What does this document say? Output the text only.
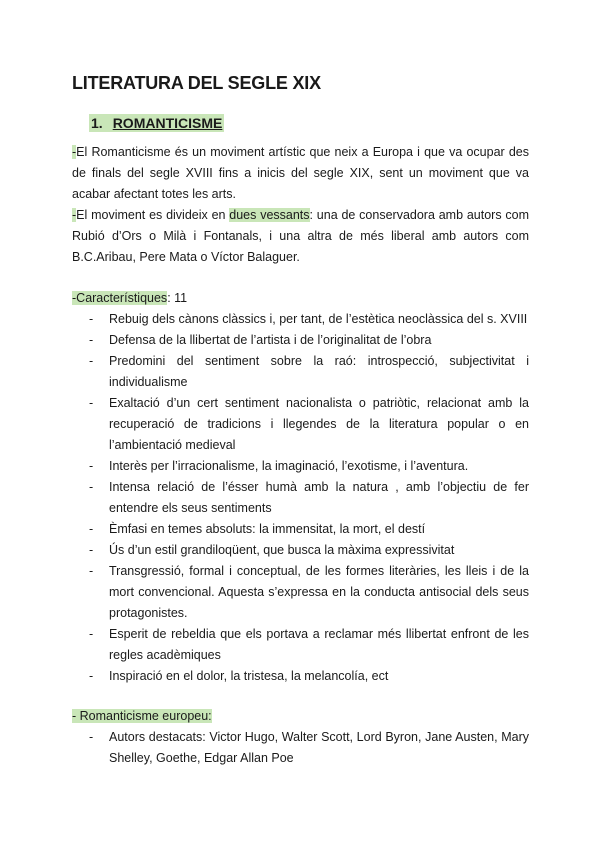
LITERATURA DEL SEGLE XIX
1. ROMANTICISME

-El Romanticisme és un moviment artístic que neix a Europa i que va ocupar des de finals del segle XVIII fins a inicis del segle XIX, sent un moviment que va acabar afectant totes les arts.

-El moviment es divideix en dues vessants: una de conservadora amb autors com Rubió d’Ors o Milà i Fontanals, i una altra de més liberal amb autors com B.C.Aribau, Pere Mata o Víctor Balaguer.

-Característiques: 11
- Rebuig dels cànons clàssics i, per tant, de l’estètica neoclàssica del s. XVIII
- Defensa de la llibertat de l’artista i de l’originalitat de l’obra
- Predomini del sentiment sobre la raó: introspecció, subjectivitat i individualisme
- Exaltació d’un cert sentiment nacionalista o patriòtic, relacionat amb la recuperació de tradicions i llegendes de la literatura popular o en l’ambientació medieval
- Interès per l’irracionalisme, la imaginació, l’exotisme, i l’aventura.
- Intensa relació de l’ésser humà amb la natura , amb l’objectiu de fer entendre els seus sentiments
- Èmfasi en temes absoluts: la immensitat, la mort, el destí
- Ús d’un estil grandiloqüent, que busca la màxima expressivitat
- Transgressió, formal i conceptual, de les formes literàries, les lleis i de la mort convencional. Aquesta s’expressa en la conducta antisocial dels seus protagonistes.
- Esperit de rebeldia que els portava a reclamar més llibertat enfront de les regles acadèmiques
- Inspiració en el dolor, la tristesa, la melancolía, ect
- Romanticisme europeu:
- Autors destacats: Victor Hugo, Walter Scott, Lord Byron, Jane Austen, Mary Shelley, Goethe, Edgar Allan Poe
